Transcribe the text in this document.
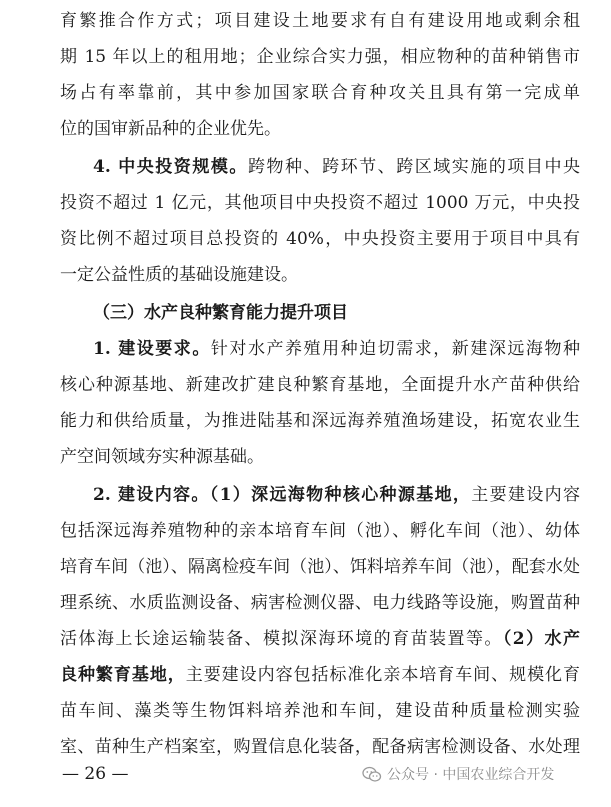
育繁推合作方式；项目建设土地要求有自有建设用地或剩余租
期 15 年以上的租用地；企业综合实力强，相应物种的苗种销售市
场占有率靠前，其中参加国家联合育种攻关且具有第一完成单
位的国审新品种的企业优先。
4. 中央投资规模。跨物种、跨环节、跨区域实施的项目中央
投资不超过 1 亿元，其他项目中央投资不超过 1000 万元，中央投
资比例不超过项目总投资的 40%，中央投资主要用于项目中具有
一定公益性质的基础设施建设。
（三）水产良种繁育能力提升项目
1. 建设要求。针对水产养殖用种迫切需求，新建深远海物种
核心种源基地、新建改扩建良种繁育基地，全面提升水产苗种供给
能力和供给质量，为推进陆基和深远海养殖渔场建设，拓宽农业生
产空间领域夯实种源基础。
2. 建设内容。（1）深远海物种核心种源基地，主要建设内容
包括深远海养殖物种的亲本培育车间（池）、孵化车间（池）、幼体
培育车间（池）、隔离检疫车间（池）、饵料培养车间（池），配套水处
理系统、水质监测设备、病害检测仪器、电力线路等设施，购置苗种
活体海上长途运输装备、模拟深海环境的育苗装置等。（2）水产
良种繁育基地，主要建设内容包括标准化亲本培育车间、规模化育
苗车间、藻类等生物饵料培养池和车间，建设苗种质量检测实验
室、苗种生产档案室，购置信息化装备，配备病害检测设备、水处理
— 26 —	公众号 · 中国农业综合开发
